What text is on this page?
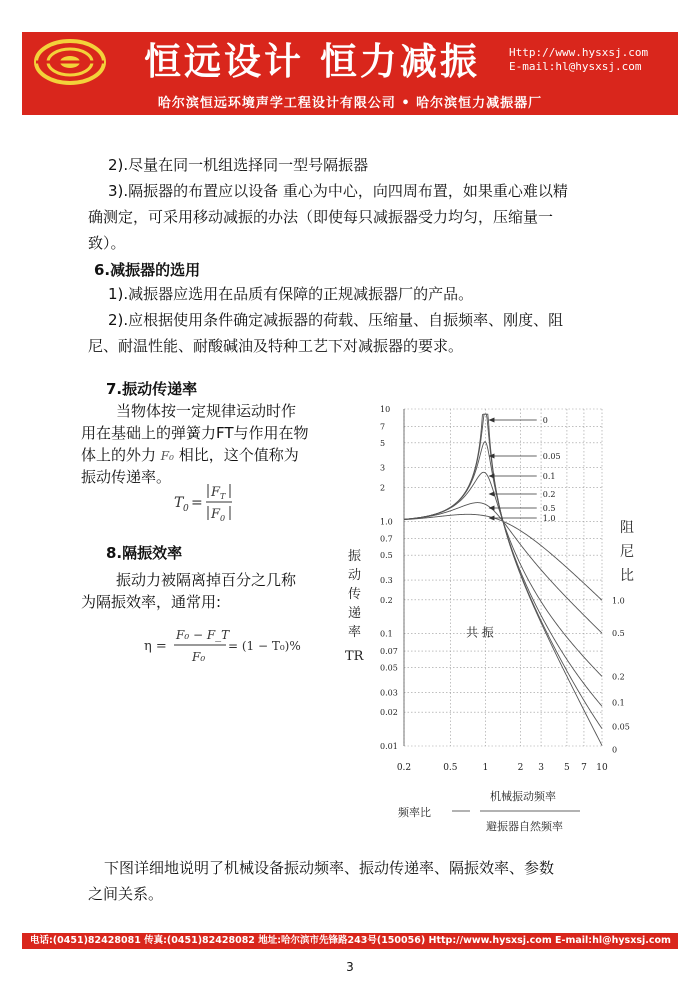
恒远设计 恒力减振	Http://www.hysxsj.com
E-mail:hl@hysxsj.com
哈尔滨恒远环境声学工程设计有限公司 • 哈尔滨恒力减振器厂
2).尽量在同一机组选择同一型号隔振器
3).隔振器的布置应以设备 重心为中心，向四周布置，如果重心难以精
确测定，可采用移动减振的办法（即使每只减振器受力均匀，压缩量一
致）。
6.减振器的选用
1).减振器应选用在品质有保障的正规减振器厂的产品。
2).应根据使用条件确定减振器的荷载、压缩量、自振频率、刚度、阻
尼、耐温性能、耐酸碱油及特种工艺下对减振器的要求。
7.振动传递率
当物体按一定规律运动时作
用在基础上的弹簧力FT与作用在物
体上的外力 F₀ 相比，这个值称为
振动传递率。
T 0 =
F T
F 0
8.隔振效率
振动力被隔离掉百分之几称
为隔振效率，通常用:
η =
F₀ − F_T
F₀
= (1 − T₀)%
0.2	0.5	1	2 3 5 7 10
10
7
5
3
2
1.0
0.7
0.5
0.3
0.2
0.1
0.07
0.05
0.03
0.02
0.01
0
0.05
0.1
0.2
0.5
1.0
0
0.05
0.1
0.2
0.5
1.0
阻
尼
比
振
动
传
递
率
TR
共 振
频率比
机械振动频率
避振器自然频率
下图详细地说明了机械设备振动频率、振动传递率、隔振效率、参数
之间关系。
电话:(0451)82428081 传真:(0451)82428082 地址:哈尔滨市先锋路243号(150056) Http://www.hysxsj.com E-mail:hl@hysxsj.com
3
